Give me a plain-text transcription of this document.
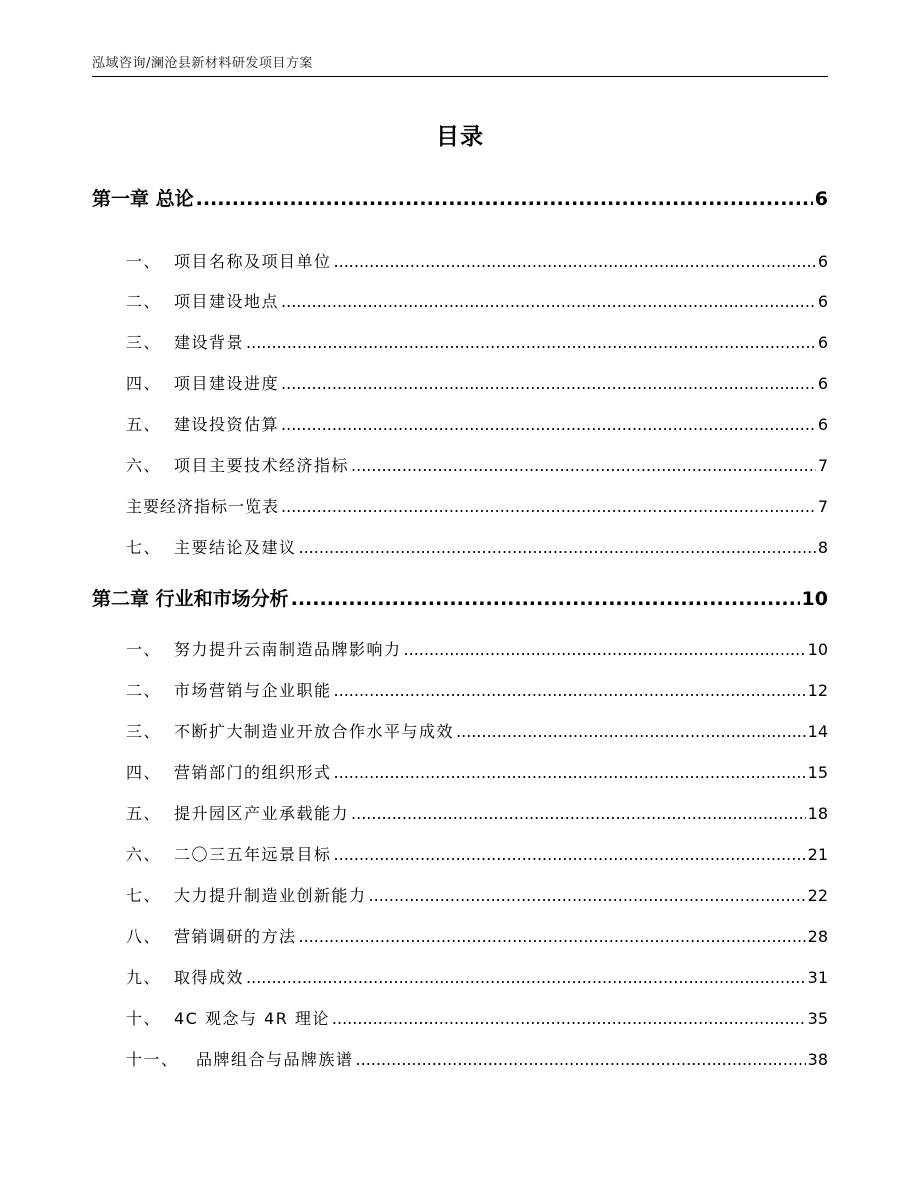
泓域咨询/澜沧县新材料研发项目方案
目录
第一章 总论 .....	6
一、 项目名称及项目单位 .....	6
二、 项目建设地点 .....	6
三、 建设背景 .....	6
四、 项目建设进度 .....	6
五、 建设投资估算 .....	6
六、 项目主要技术经济指标 .....	7
主要经济指标一览表 .....	7
七、 主要结论及建议 .....	8
第二章 行业和市场分析 .....	10
一、 努力提升云南制造品牌影响力 .....	10
二、 市场营销与企业职能 .....	12
三、 不断扩大制造业开放合作水平与成效 .....	14
四、 营销部门的组织形式 .....	15
五、 提升园区产业承载能力 .....	18
六、 二〇三五年远景目标 .....	21
七、 大力提升制造业创新能力 .....	22
八、 营销调研的方法 .....	28
九、 取得成效 .....	31
十、 4C 观念与 4R 理论 .....	35
十一、 品牌组合与品牌族谱 .....	38
